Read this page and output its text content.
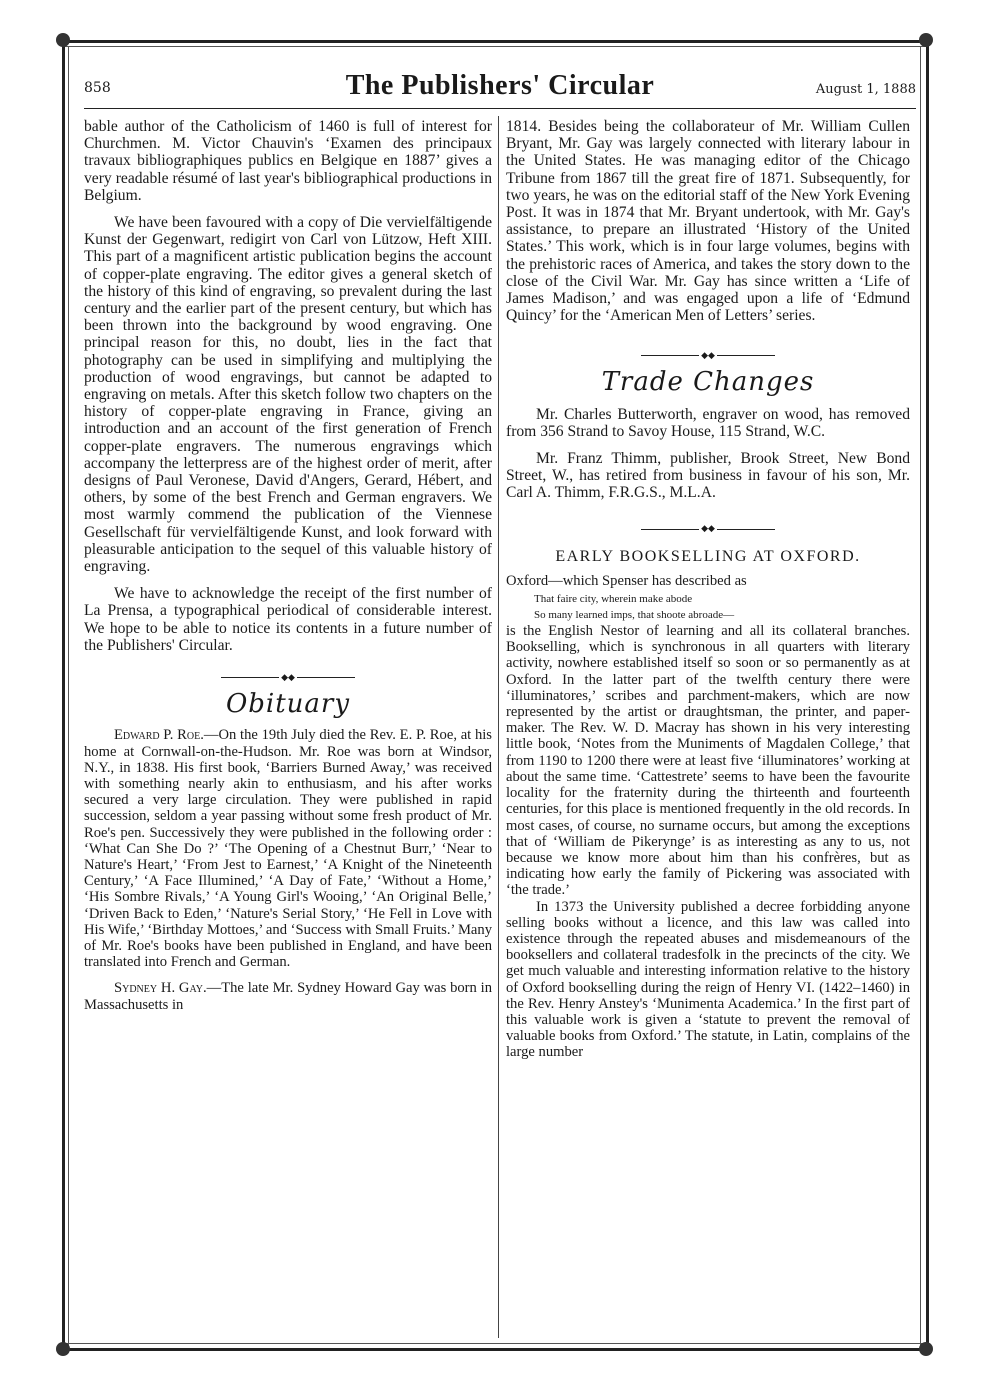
858	The Publishers' Circular	August 1, 1888

bable author of the Catholicism of 1460 is full of interest for Churchmen. M. Victor Chauvin's ‘Examen des principaux travaux bibliographiques publics en Belgique en 1887’ gives a very readable résumé of last year's bibliographical productions in Belgium.

We have been favoured with a copy of Die vervielfältigende Kunst der Gegenwart, redigirt von Carl von Lützow, Heft XIII. This part of a magnificent artistic publication begins the account of copper-plate engraving. The editor gives a general sketch of the history of this kind of engraving, so prevalent during the last century and the earlier part of the present century, but which has been thrown into the background by wood engraving. One principal reason for this, no doubt, lies in the fact that photography can be used in simplifying and multiplying the production of wood engravings, but cannot be adapted to engraving on metals. After this sketch follow two chapters on the history of copper-plate engraving in France, giving an introduction and an account of the first generation of French copper-plate engravers. The numerous engravings which accompany the letterpress are of the highest order of merit, after designs of Paul Veronese, David d'Angers, Gerard, Hébert, and others, by some of the best French and German engravers. We most warmly commend the publication of the Viennese Gesellschaft für vervielfältigende Kunst, and look forward with pleasurable anticipation to the sequel of this valuable history of engraving.

We have to acknowledge the receipt of the first number of La Prensa, a typographical periodical of considerable interest. We hope to be able to notice its contents in a future number of the Publishers' Circular.

◆◆
Obituary

Edward P. Roe.—On the 19th July died the Rev. E. P. Roe, at his home at Cornwall-on-the-Hudson. Mr. Roe was born at Windsor, N.Y., in 1838. His first book, ‘Barriers Burned Away,’ was received with something nearly akin to enthusiasm, and his after works secured a very large circulation. They were published in rapid succession, seldom a year passing without some fresh product of Mr. Roe's pen. Successively they were published in the following order : ‘What Can She Do ?’ ‘The Opening of a Chestnut Burr,’ ‘Near to Nature's Heart,’ ‘From Jest to Earnest,’ ‘A Knight of the Nineteenth Century,’ ‘A Face Illumined,’ ‘A Day of Fate,’ ‘Without a Home,’ ‘His Sombre Rivals,’ ‘A Young Girl's Wooing,’ ‘An Original Belle,’ ‘Driven Back to Eden,’ ‘Nature's Serial Story,’ ‘He Fell in Love with His Wife,’ ‘Birthday Mottoes,’ and ‘Success with Small Fruits.’ Many of Mr. Roe's books have been published in England, and have been translated into French and German.

Sydney H. Gay.—The late Mr. Sydney Howard Gay was born in Massachusetts in

1814. Besides being the collaborateur of Mr. William Cullen Bryant, Mr. Gay was largely connected with literary labour in the United States. He was managing editor of the Chicago Tribune from 1867 till the great fire of 1871. Subsequently, for two years, he was on the editorial staff of the New York Evening Post. It was in 1874 that Mr. Bryant undertook, with Mr. Gay's assistance, to prepare an illustrated ‘History of the United States.’ This work, which is in four large volumes, begins with the prehistoric races of America, and takes the story down to the close of the Civil War. Mr. Gay has since written a ‘Life of James Madison,’ and was engaged upon a life of ‘Edmund Quincy’ for the ‘American Men of Letters’ series.

◆◆
Trade Changes

Mr. Charles Butterworth, engraver on wood, has removed from 356 Strand to Savoy House, 115 Strand, W.C.

Mr. Franz Thimm, publisher, Brook Street, New Bond Street, W., has retired from business in favour of his son, Mr. Carl A. Thimm, F.R.G.S., M.L.A.

◆◆
EARLY BOOKSELLING AT OXFORD.

Oxford—which Spenser has described as

That faire city, wherein make abode
So many learned imps, that shoote abroade—

is the English Nestor of learning and all its collateral branches. Bookselling, which is synchronous in all quarters with literary activity, nowhere established itself so soon or so permanently as at Oxford. In the latter part of the twelfth century there were ‘illuminatores,’ scribes and parchment-makers, which are now represented by the artist or draughtsman, the printer, and paper-maker. The Rev. W. D. Macray has shown in his very interesting little book, ‘Notes from the Muniments of Magdalen College,’ that from 1190 to 1200 there were at least five ‘illuminatores’ working at about the same time. ‘Cattestrete’ seems to have been the favourite locality for the fraternity during the thirteenth and fourteenth centuries, for this place is mentioned frequently in the old records. In most cases, of course, no surname occurs, but among the exceptions that of ‘William de Pikerynge’ is as interesting as any to us, not because we know more about him than his confrères, but as indicating how early the family of Pickering was associated with ‘the trade.’

In 1373 the University published a decree forbidding anyone selling books without a licence, and this law was called into existence through the repeated abuses and misdemeanours of the booksellers and collateral tradesfolk in the precincts of the city. We get much valuable and interesting information relative to the history of Oxford bookselling during the reign of Henry VI. (1422–1460) in the Rev. Henry Anstey's ‘Munimenta Academica.’ In the first part of this valuable work is given a ‘statute to prevent the removal of valuable books from Oxford.’ The statute, in Latin, complains of the large number
